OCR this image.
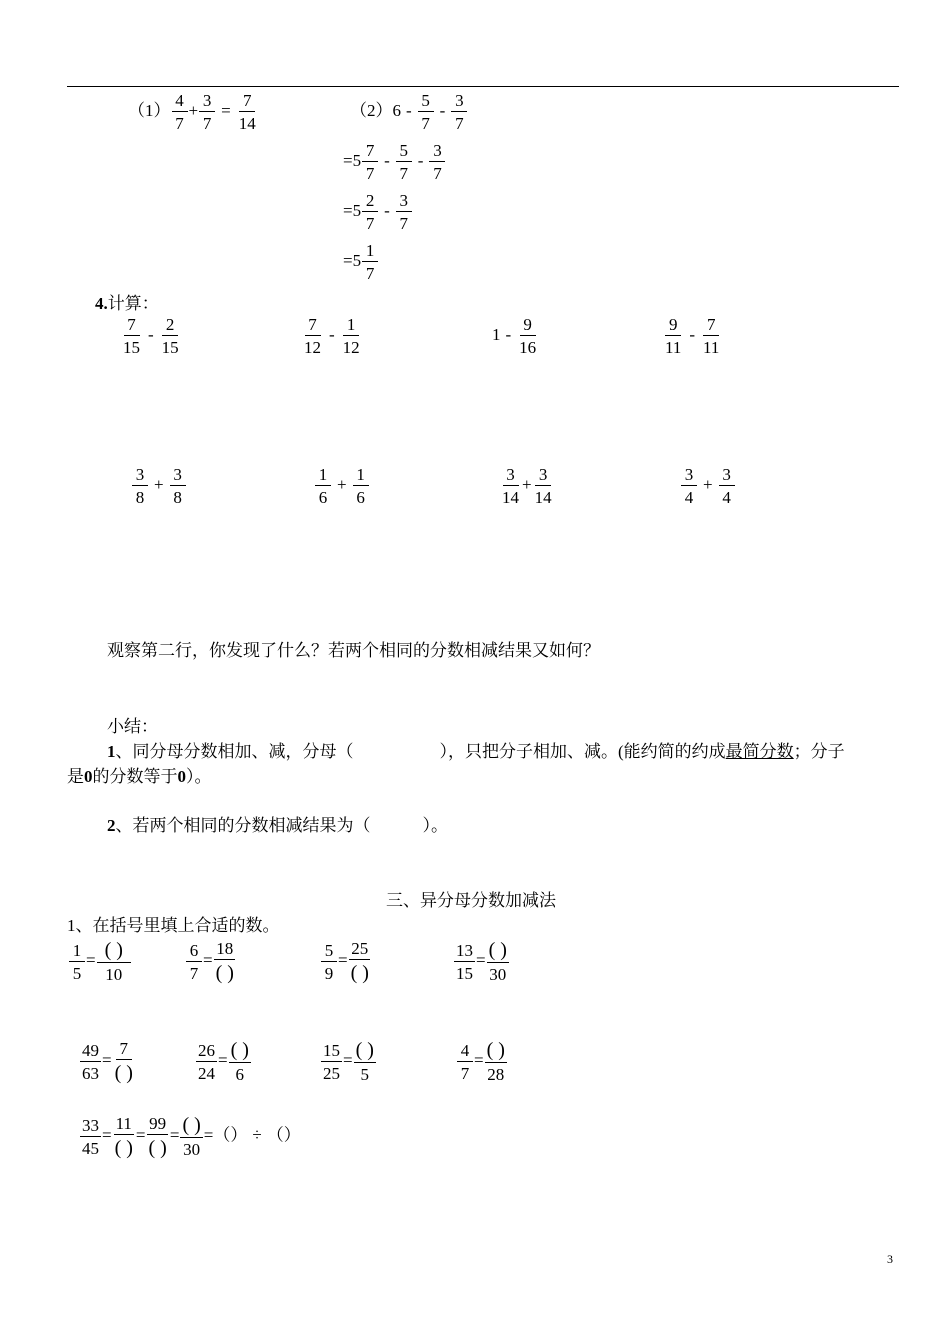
$(1) \frac{4}{7} + \frac{3}{7} = \frac{7}{14}$	$(2)6 - \frac{5}{7} - \frac{3}{7}$
$=5 \frac{7}{7} - \frac{5}{7} - \frac{3}{7}$
$=5 \frac{2}{7} - \frac{3}{7}$
$=5 \frac{1}{7}$
4.计算：
$\frac{7}{15} - \frac{2}{15}$	$\frac{7}{12} - \frac{1}{12}$	$1 - \frac{9}{16}$	$\frac{9}{11} - \frac{7}{11}$
$\frac{3}{8} + \frac{3}{8}$	$\frac{1}{6} + \frac{1}{6}$	$\frac{3}{14} + \frac{3}{14}$	$\frac{3}{4} + \frac{3}{4}$
观察第二行，你发现了什么？若两个相同的分数相减结果又如何？
小结：
1、同分母分数相加、减，分母（	），只把分子相加、减。(能约简的约成最简分数；分子
是0的分数等于0）。
2、若两个相同的分数相减结果为（	）。
三、异分母分数加减法
1、在括号里填上合适的数。
$\frac{1}{5} = \frac{( )}{10}$	$\frac{6}{7} = \frac{18}{( )}$	$\frac{5}{9} = \frac{25}{( )}$	$\frac{13}{15} = \frac{( )}{30}$
$\frac{49}{63} = \frac{7}{( )}$	$\frac{26}{24} = \frac{( )}{6}$	$\frac{15}{25} = \frac{( )}{5}$	$\frac{4}{7} = \frac{( )}{28}$
$\frac{33}{45} = \frac{11}{( )} = \frac{99}{( )} = \frac{( )}{30}$ =（） ÷ （）
3
